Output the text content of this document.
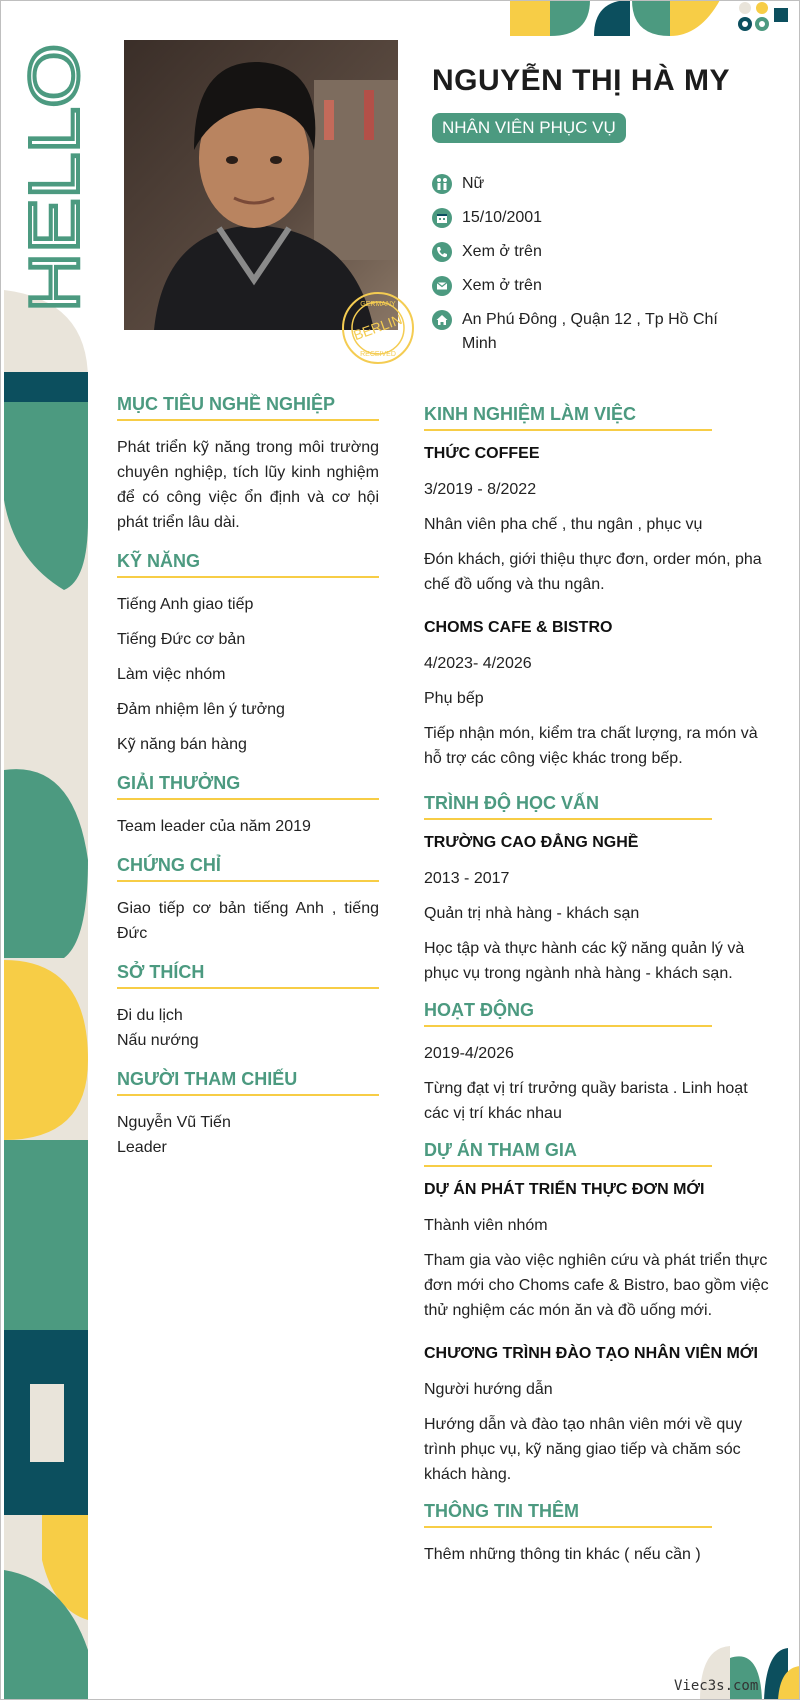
HELLO	GERMANY
BERLIN
RECEIVED
NGUYỄN THỊ HÀ MY
NHÂN VIÊN PHỤC VỤ
Nữ
15/10/2001
Xem ở trên
Xem ở trên
An Phú Đông , Quận 12 , Tp Hồ Chí Minh
MỤC TIÊU NGHỀ NGHIỆP
Phát triển kỹ năng trong môi trường chuyên nghiệp, tích lũy kinh nghiệm để có công việc ổn định và cơ hội phát triển lâu dài.
KỸ NĂNG
Tiếng Anh giao tiếp
Tiếng Đức cơ bản
Làm việc nhóm
Đảm nhiệm lên ý tưởng
Kỹ năng bán hàng
GIẢI THƯỞNG
Team leader của năm 2019
CHỨNG CHỈ
Giao tiếp cơ bản tiếng Anh , tiếng Đức
SỞ THÍCH
Đi du lịch
Nấu nướng
NGƯỜI THAM CHIẾU
Nguyễn Vũ Tiến
Leader
KINH NGHIỆM LÀM VIỆC
THỨC COFFEE
3/2019 - 8/2022
Nhân viên pha chế , thu ngân , phục vụ
Đón khách, giới thiệu thực đơn, order món, pha chế đồ uống và thu ngân.
CHOMS CAFE & BISTRO
4/2023- 4/2026
Phụ bếp
Tiếp nhận món, kiểm tra chất lượng, ra món và hỗ trợ các công việc khác trong bếp.
TRÌNH ĐỘ HỌC VẤN
TRƯỜNG CAO ĐẲNG NGHỀ
2013 - 2017
Quản trị nhà hàng - khách sạn
Học tập và thực hành các kỹ năng quản lý và phục vụ trong ngành nhà hàng - khách sạn.
HOẠT ĐỘNG
2019-4/2026
Từng đạt vị trí trưởng quầy barista . Linh hoạt các vị trí khác nhau
DỰ ÁN THAM GIA
DỰ ÁN PHÁT TRIỂN THỰC ĐƠN MỚI
Thành viên nhóm
Tham gia vào việc nghiên cứu và phát triển thực đơn mới cho Choms cafe & Bistro, bao gồm việc thử nghiệm các món ăn và đồ uống mới.
CHƯƠNG TRÌNH ĐÀO TẠO NHÂN VIÊN MỚI
Người hướng dẫn
Hướng dẫn và đào tạo nhân viên mới về quy trình phục vụ, kỹ năng giao tiếp và chăm sóc khách hàng.
THÔNG TIN THÊM
Thêm những thông tin khác ( nếu cần )
Viec3s.com
